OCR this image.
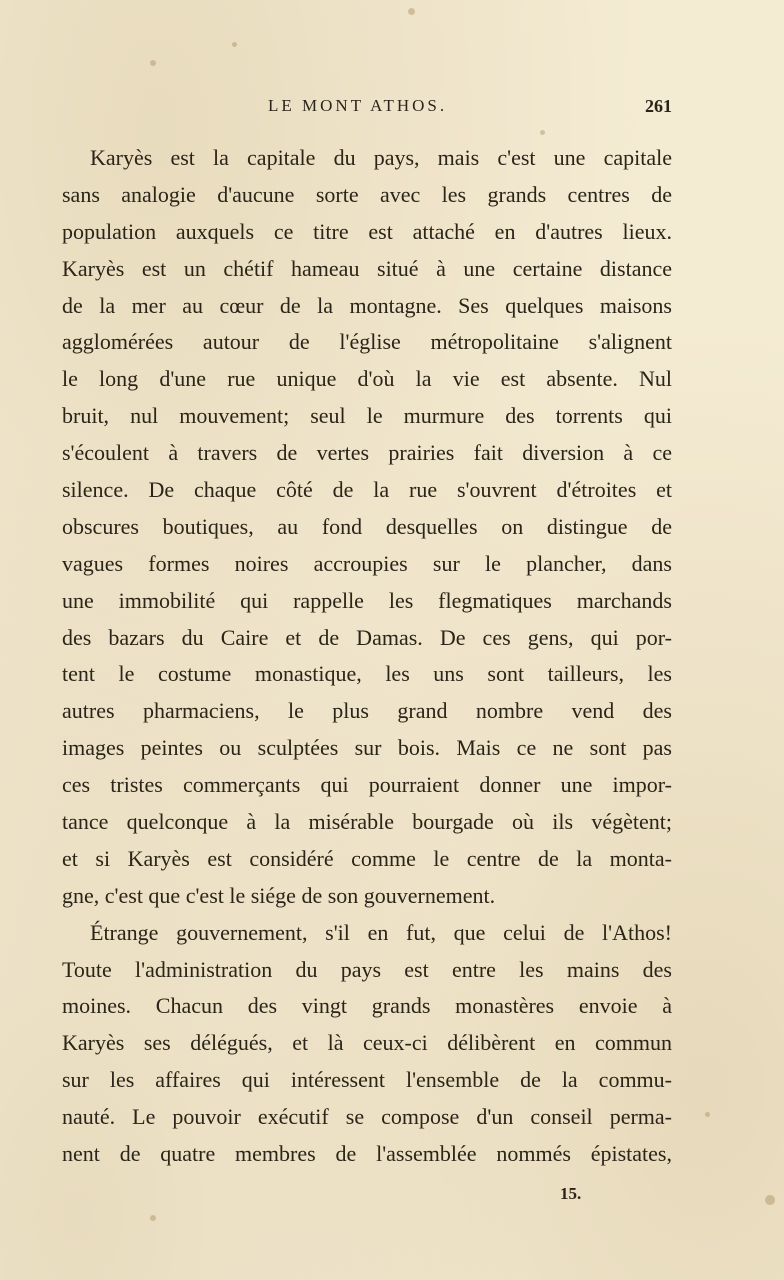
LE MONT ATHOS.	261
Karyès est la capitale du pays, mais c'est une capitale
sans analogie d'aucune sorte avec les grands centres de
population auxquels ce titre est attaché en d'autres lieux.
Karyès est un chétif hameau situé à une certaine distance
de la mer au cœur de la montagne. Ses quelques maisons
agglomérées autour de l'église métropolitaine s'alignent
le long d'une rue unique d'où la vie est absente. Nul
bruit, nul mouvement; seul le murmure des torrents qui
s'écoulent à travers de vertes prairies fait diversion à ce
silence. De chaque côté de la rue s'ouvrent d'étroites et
obscures boutiques, au fond desquelles on distingue de
vagues formes noires accroupies sur le plancher, dans
une immobilité qui rappelle les flegmatiques marchands
des bazars du Caire et de Damas. De ces gens, qui por-
tent le costume monastique, les uns sont tailleurs, les
autres pharmaciens, le plus grand nombre vend des
images peintes ou sculptées sur bois. Mais ce ne sont pas
ces tristes commerçants qui pourraient donner une impor-
tance quelconque à la misérable bourgade où ils végètent;
et si Karyès est considéré comme le centre de la monta-
gne, c'est que c'est le siége de son gouvernement.
Étrange gouvernement, s'il en fut, que celui de l'Athos!
Toute l'administration du pays est entre les mains des
moines. Chacun des vingt grands monastères envoie à
Karyès ses délégués, et là ceux-ci délibèrent en commun
sur les affaires qui intéressent l'ensemble de la commu-
nauté. Le pouvoir exécutif se compose d'un conseil perma-
nent de quatre membres de l'assemblée nommés épistates,
15.
